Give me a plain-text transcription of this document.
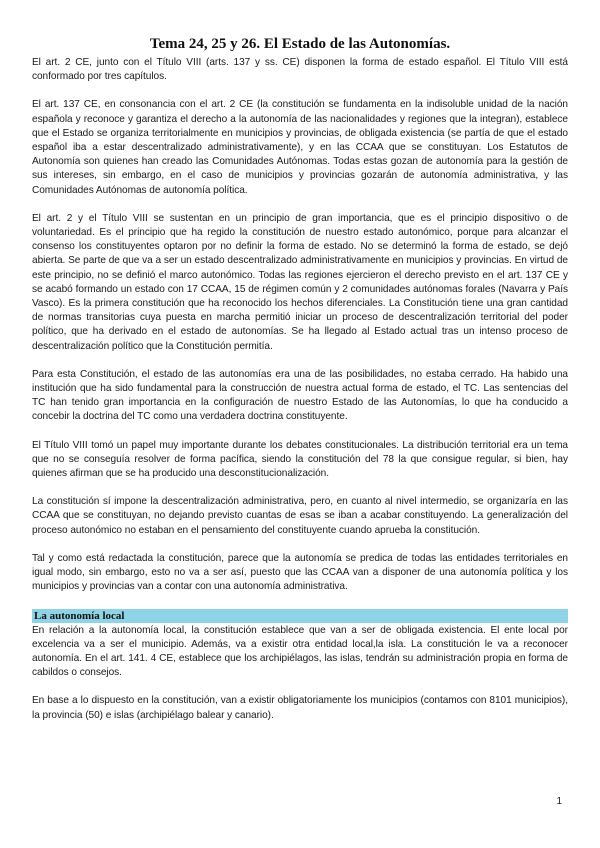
Tema 24, 25 y 26. El Estado de las Autonomías.

El art. 2 CE, junto con el Título VIII (arts. 137 y ss. CE) disponen la forma de estado español. El Título VIII está conformado por tres capítulos.

El art. 137 CE, en consonancia con el art. 2 CE (la constitución se fundamenta en la indisoluble unidad de la nación española y reconoce y garantiza el derecho a la autonomía de las nacionalidades y regiones que la integran), establece que el Estado se organiza territorialmente en municipios y provincias, de obligada existencia (se partía de que el estado español iba a estar descentralizado administrativamente), y en las CCAA que se constituyan. Los Estatutos de Autonomía son quienes han creado las Comunidades Autónomas. Todas estas gozan de autonomía para la gestión de sus intereses, sin embargo, en el caso de municipios y provincias gozarán de autonomía administrativa, y las Comunidades Autónomas de autonomía política.

El art. 2 y el Título VIII se sustentan en un principio de gran importancia, que es el principio dispositivo o de voluntariedad. Es el principio que ha regido la constitución de nuestro estado autonómico, porque para alcanzar el consenso los constituyentes optaron por no definir la forma de estado. No se determinó la forma de estado, se dejó abierta. Se parte de que va a ser un estado descentralizado administrativamente en municipios y provincias. En virtud de este principio, no se definió el marco autonómico. Todas las regiones ejercieron el derecho previsto en el art. 137 CE y se acabó formando un estado con 17 CCAA, 15 de régimen común y 2 comunidades autónomas forales (Navarra y País Vasco). Es la primera constitución que ha reconocido los hechos diferenciales. La Constitución tiene una gran cantidad de normas transitorias cuya puesta en marcha permitió iniciar un proceso de descentralización territorial del poder político, que ha derivado en el estado de autonomías. Se ha llegado al Estado actual tras un intenso proceso de descentralización político que la Constitución permitía.

Para esta Constitución, el estado de las autonomías era una de las posibilidades, no estaba cerrado. Ha habido una institución que ha sido fundamental para la construcción de nuestra actual forma de estado, el TC. Las sentencias del TC han tenido gran importancia en la configuración de nuestro Estado de las Autonomías, lo que ha conducido a concebir la doctrina del TC como una verdadera doctrina constituyente.

El Título VIII tomó un papel muy importante durante los debates constitucionales. La distribución territorial era un tema que no se conseguía resolver de forma pacífica, siendo la constitución del 78 la que consigue regular, si bien, hay quienes afirman que se ha producido una desconstitucionalización.

La constitución sí impone la descentralización administrativa, pero, en cuanto al nivel intermedio, se organizaría en las CCAA que se constituyan, no dejando previsto cuantas de esas se iban a acabar constituyendo. La generalización del proceso autonómico no estaban en el pensamiento del constituyente cuando aprueba la constitución.

Tal y como está redactada la constitución, parece que la autonomía se predica de todas las entidades territoriales en igual modo, sin embargo, esto no va a ser así, puesto que las CCAA van a disponer de una autonomía política y los municipios y provincias van a contar con una autonomía administrativa.

La autonomía local

En relación a la autonomía local, la constitución establece que van a ser de obligada existencia. El ente local por excelencia va a ser el municipio. Además, va a existir otra entidad local,la isla. La constitución le va a reconocer autonomía. En el art. 141. 4 CE, establece que los archipiélagos, las islas, tendrán su administración propia en forma de cabildos o consejos.

En base a lo dispuesto en la constitución, van a existir obligatoriamente los municipios (contamos con 8101 municipios), la provincia (50) e islas (archipiélago balear y canario).

1
